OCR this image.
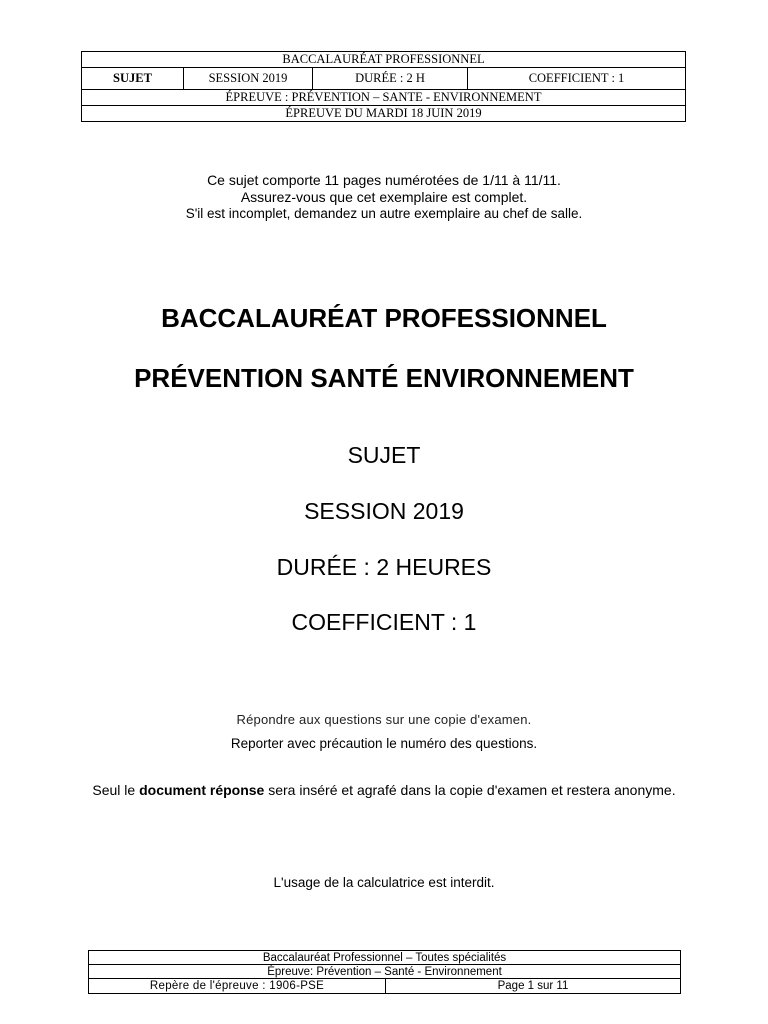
BACCALAURÉAT PROFESSIONNEL
SUJET	SESSION 2019	DURÉE : 2 H	COEFFICIENT : 1
ÉPREUVE : PRÉVENTION – SANTE - ENVIRONNEMENT
ÉPREUVE DU MARDI 18 JUIN 2019
Ce sujet comporte 11 pages numérotées de 1/11 à 11/11.
Assurez-vous que cet exemplaire est complet.
S'il est incomplet, demandez un autre exemplaire au chef de salle.
BACCALAURÉAT PROFESSIONNEL
PRÉVENTION SANTÉ ENVIRONNEMENT
SUJET
SESSION 2019
DURÉE : 2 HEURES
COEFFICIENT : 1
Répondre aux questions sur une copie d'examen.
Reporter avec précaution le numéro des questions.
Seul le document réponse sera inséré et agrafé dans la copie d'examen et restera anonyme.
L'usage de la calculatrice est interdit.
Baccalauréat Professionnel – Toutes spécialités
Épreuve: Prévention – Santé - Environnement
Repère de l'épreuve : 1906-PSE	Page 1 sur 11
